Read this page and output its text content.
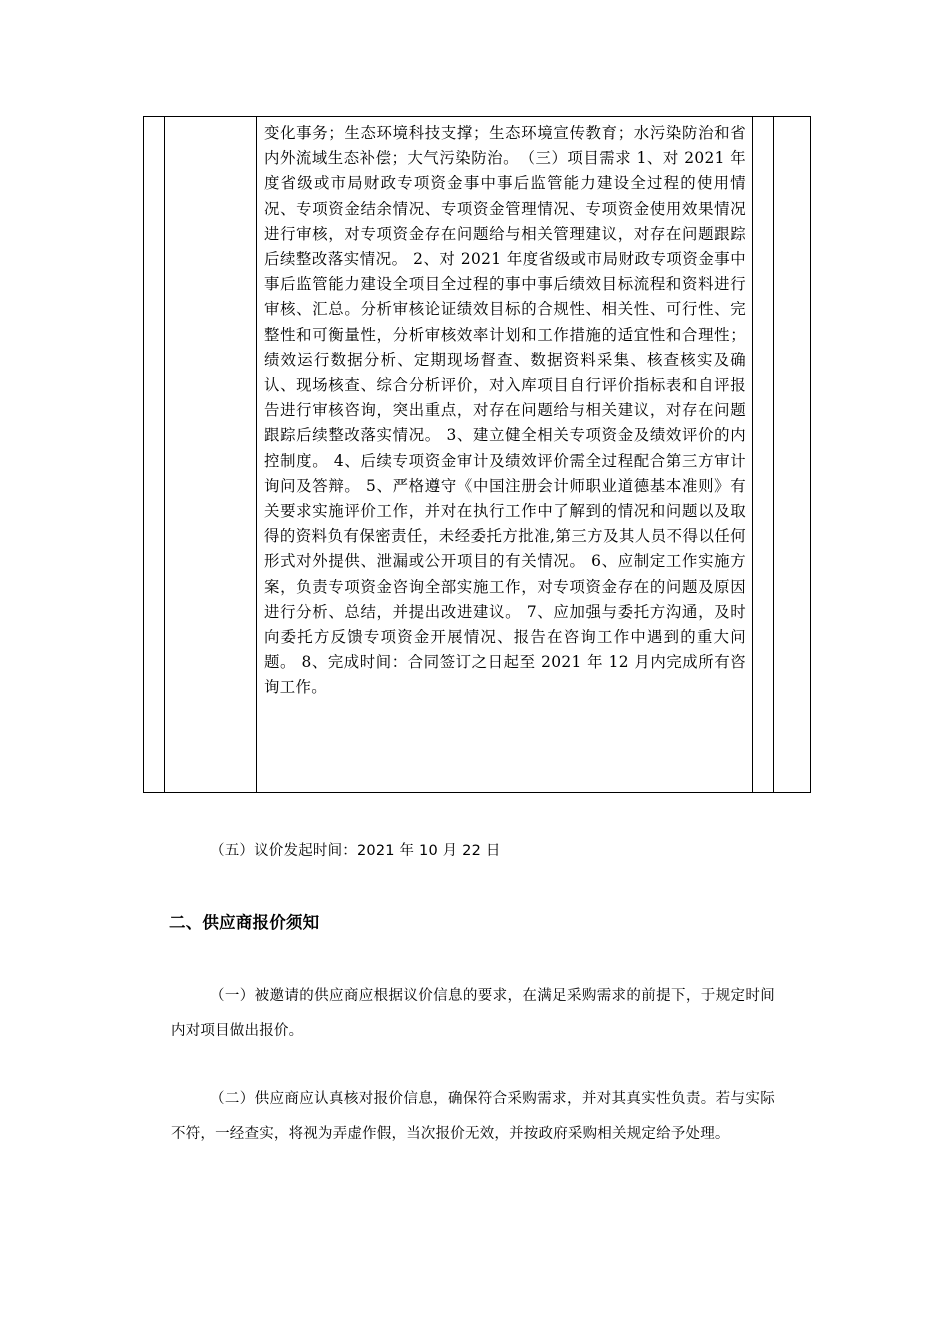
变化事务；生态环境科技支撑；生态环境宣传教育；水污染防治和省内外流域生态补偿；大气污染防治。　（三）项目需求 1、对 2021 年度省级或市局财政专项资金事中事后监管能力建设全过程的使用情况、专项资金结余情况、专项资金管理情况、专项资金使用效果情况进行审核，对专项资金存在问题给与相关管理建议，对存在问题跟踪后续整改落实情况。 2、对 2021 年度省级或市局财政专项资金事中事后监管能力建设全项目全过程的事中事后绩效目标流程和资料进行审核、汇总。分析审核论证绩效目标的合规性、相关性、可行性、完整性和可衡量性，分析审核效率计划和工作措施的适宜性和合理性；绩效运行数据分析、定期现场督查、数据资料采集、核查核实及确认、现场核查、综合分析评价，对入库项目自行评价指标表和自评报告进行审核咨询，突出重点，对存在问题给与相关建议，对存在问题跟踪后续整改落实情况。 3、建立健全相关专项资金及绩效评价的内控制度。 4、后续专项资金审计及绩效评价需全过程配合第三方审计询问及答辩。 5、严格遵守《中国注册会计师职业道德基本准则》有关要求实施评价工作，并对在执行工作中了解到的情况和问题以及取得的资料负有保密责任，未经委托方批准,第三方及其人员不得以任何形式对外提供、泄漏或公开项目的有关情况。 6、应制定工作实施方案，负责专项资金咨询全部实施工作，对专项资金存在的问题及原因进行分析、总结，并提出改进建议。 7、应加强与委托方沟通，及时向委托方反馈专项资金开展情况、报告在咨询工作中遇到的重大问题。 8、完成时间：合同签订之日起至 2021 年 12 月内完成所有咨询工作。

（五）议价发起时间：2021 年 10 月 22 日

二、供应商报价须知

（一）被邀请的供应商应根据议价信息的要求，在满足采购需求的前提下，于规定时间内对项目做出报价。

（二）供应商应认真核对报价信息，确保符合采购需求，并对其真实性负责。若与实际不符，一经查实，将视为弄虚作假，当次报价无效，并按政府采购相关规定给予处理。
